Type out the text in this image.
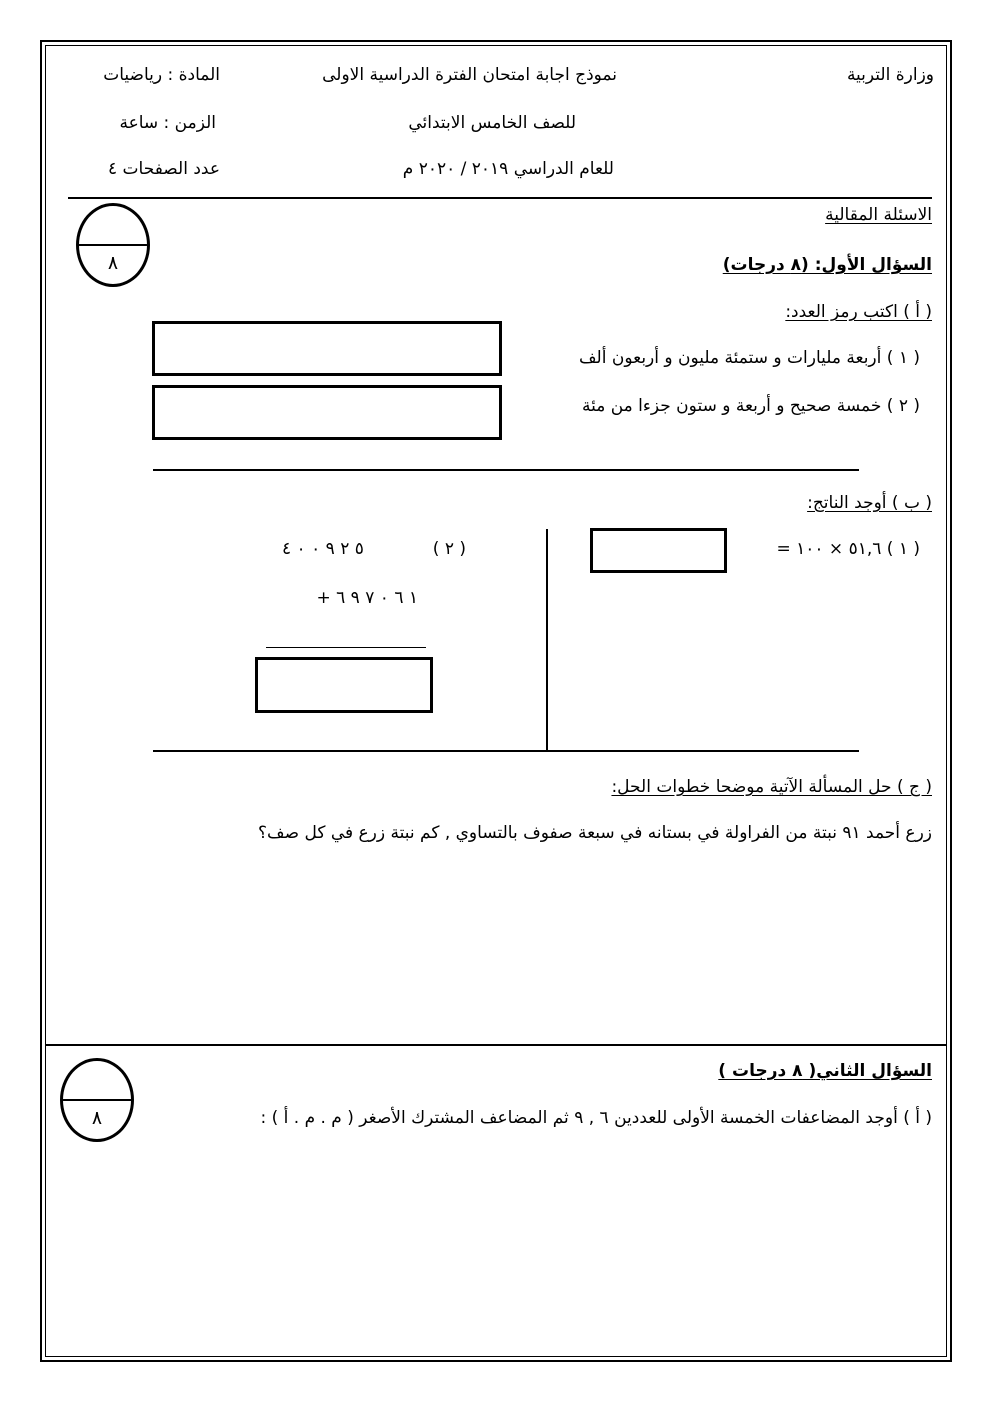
وزارة التربية
نموذج اجابة امتحان الفترة الدراسية الاولى
المادة : رياضيات
للصف الخامس الابتدائي
الزمن : ساعة
للعام الدراسي ٢٠١٩ / ٢٠٢٠ م
عدد الصفحات ٤
الاسئلة المقالية
٨	السؤال الأول: (٨ درجات)
( أ ) اكتب رمز العدد:
( ١ ) أربعة مليارات و ستمئة مليون و أربعون ألف
( ٢ ) خمسة صحيح و أربعة و ستون جزءا من مئة
( ب ) أوجد الناتج:
( ١ ) ٥١,٦ × ١٠٠ =
( ٢ )
٥ ٢ ٩ ٠ ٠ ٤
+ ١ ٦ ٠ ٧ ٩ ٦
( ج ) حل المسألة الآتية موضحا خطوات الحل:
زرع أحمد ٩١ نبتة من الفراولة في بستانه في سبعة صفوف بالتساوي , كم نبتة زرع في كل صف؟
٨
السؤال الثاني( ٨ درجات )
( أ ) أوجد المضاعفات الخمسة الأولى للعددين ٦ , ٩ ثم المضاعف المشترك الأصغر ( م . م . أ ) :
